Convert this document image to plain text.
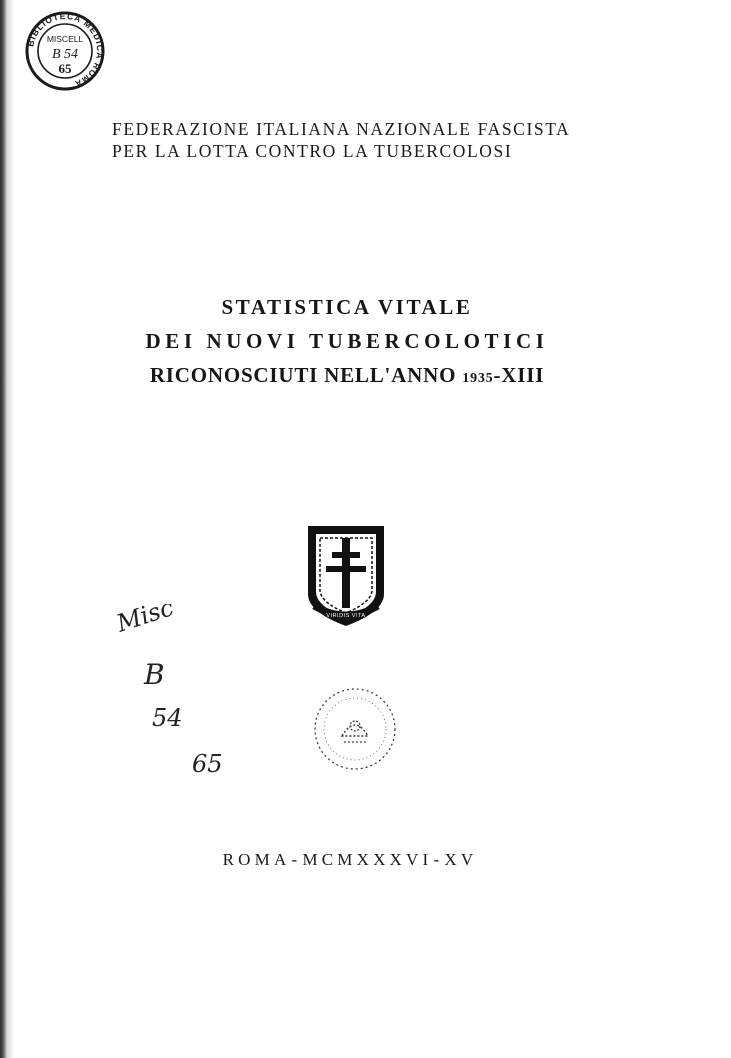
BIBLIOTECA MEDICA ROMA
MISCELL
B 54
65
FEDERAZIONE ITALIANA NAZIONALE FASCISTA
PER LA LOTTA CONTRO LA TUBERCOLOSI
STATISTICA VITALE
DEI NUOVI TUBERCOLOTICI
RICONOSCIUTI NELL'ANNO 1935-XIII
VIRIDIS VITA
Misc
B
54
65
ROMA-MCMXXXVI-XV
